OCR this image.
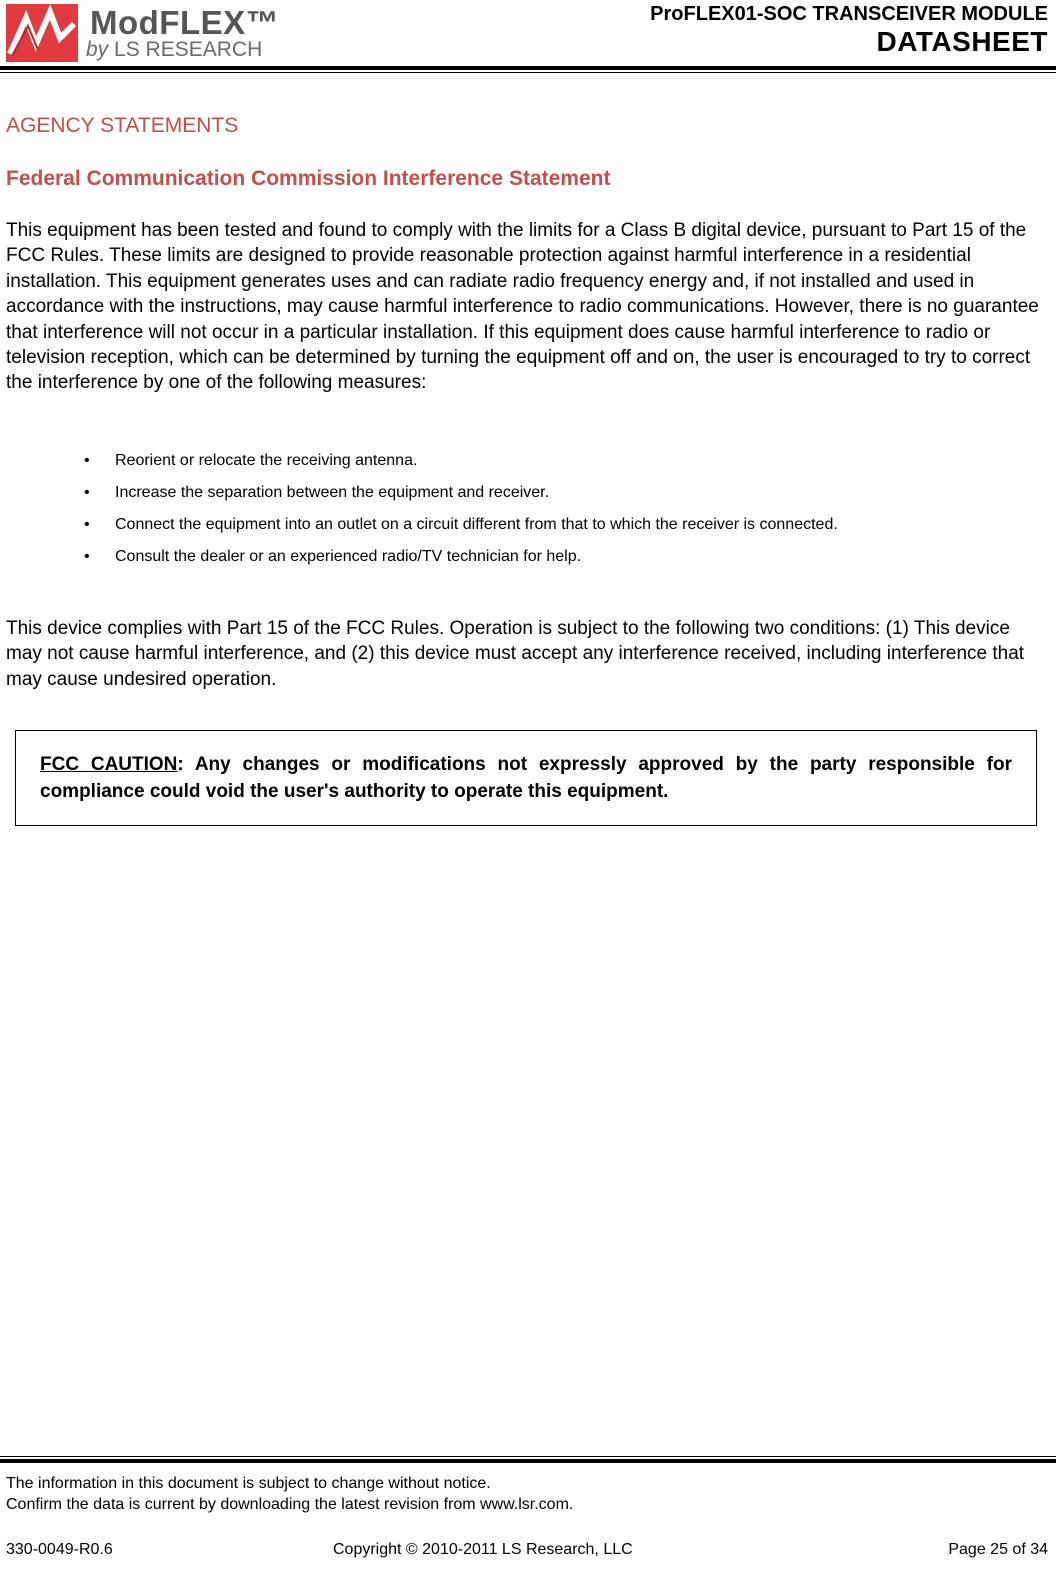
ModFLEX™
by LS RESEARCH
ProFLEX01-SOC TRANSCEIVER MODULE
DATASHEET
AGENCY STATEMENTS
Federal Communication Commission Interference Statement

This equipment has been tested and found to comply with the limits for a Class B digital device, pursuant to Part 15 of the FCC Rules. These limits are designed to provide reasonable protection against harmful interference in a residential installation. This equipment generates uses and can radiate radio frequency energy and, if not installed and used in accordance with the instructions, may cause harmful interference to radio communications. However, there is no guarantee that interference will not occur in a particular installation. If this equipment does cause harmful interference to radio or television reception, which can be determined by turning the equipment off and on, the user is encouraged to try to correct the interference by one of the following measures:

• Reorient or relocate the receiving antenna.
• Increase the separation between the equipment and receiver.
• Connect the equipment into an outlet on a circuit different from that to which the receiver is connected.
• Consult the dealer or an experienced radio/TV technician for help.

This device complies with Part 15 of the FCC Rules. Operation is subject to the following two conditions: (1) This device may not cause harmful interference, and (2) this device must accept any interference received, including interference that may cause undesired operation.

FCC CAUTION: Any changes or modifications not expressly approved by the party responsible for compliance could void the user's authority to operate this equipment.

The information in this document is subject to change without notice.
Confirm the data is current by downloading the latest revision from www.lsr.com.
330-0049-R0.6	Copyright © 2010-2011 LS Research, LLC	Page 25 of 34
